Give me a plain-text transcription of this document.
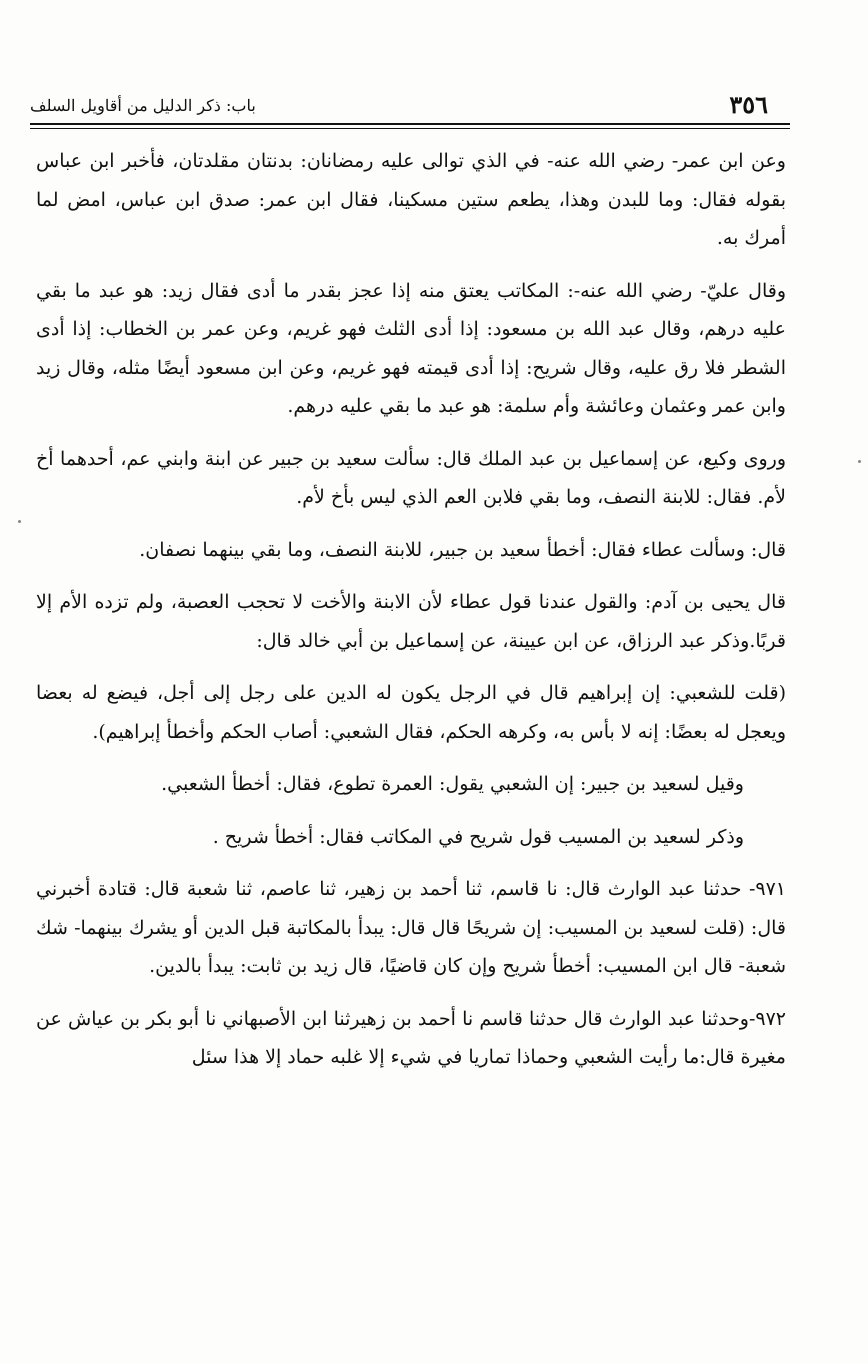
٣٥٦
باب: ذكر الدليل من أقاويل السلف

وعن ابن عمر- رضي الله عنه- في الذي توالى عليه رمضانان: بدنتان مقلدتان، فأخبر ابن عباس بقوله فقال: وما للبدن وهذا، يطعم ستين مسكينا، فقال ابن عمر: صدق ابن عباس، امض لما أمرك به.

وقال عليّ- رضي الله عنه-: المكاتب يعتق منه إذا عجز بقدر ما أدى فقال زيد: هو عبد ما بقي عليه درهم، وقال عبد الله بن مسعود: إذا أدى الثلث فهو غريم، وعن عمر بن الخطاب: إذا أدى الشطر فلا رق عليه، وقال شريح: إذا أدى قيمته فهو غريم، وعن ابن مسعود أيضًا مثله، وقال زيد وابن عمر وعثمان وعائشة وأم سلمة: هو عبد ما بقي عليه درهم.

وروى وكيع، عن إسماعيل بن عبد الملك قال: سألت سعيد بن جبير عن ابنة وابني عم، أحدهما أخ لأم. فقال: للابنة النصف، وما بقي فلابن العم الذي ليس بأخ لأم.

قال: وسألت عطاء فقال: أخطأ سعيد بن جبير، للابنة النصف، وما بقي بينهما نصفان.

قال يحيى بن آدم: والقول عندنا قول عطاء لأن الابنة والأخت لا تحجب العصبة، ولم تزده الأم إلا قربًا.وذكر عبد الرزاق، عن ابن عيينة، عن إسماعيل بن أبي خالد قال:

(قلت للشعبي: إن إبراهيم قال في الرجل يكون له الدين على رجل إلى أجل، فيضع له بعضا ويعجل له بعضًا: إنه لا بأس به، وكرهه الحكم، فقال الشعبي: أصاب الحكم وأخطأ إبراهيم).

وقيل لسعيد بن جبير: إن الشعبي يقول: العمرة تطوع، فقال: أخطأ الشعبي.

وذكر لسعيد بن المسيب قول شريح في المكاتب فقال: أخطأ شريح .

٩٧١- حدثنا عبد الوارث قال: نا قاسم، ثنا أحمد بن زهير، ثنا عاصم، ثنا شعبة قال: قتادة أخبرني قال: (قلت لسعيد بن المسيب: إن شريحًا قال قال: يبدأ بالمكاتبة قبل الدين أو يشرك بينهما- شك شعبة- قال ابن المسيب: أخطأ شريح وإن كان قاضيًا، قال زيد بن ثابت: يبدأ بالدين.

٩٧٢-وحدثنا عبد الوارث قال حدثنا قاسم نا أحمد بن زهيرثنا ابن الأصبهاني نا أبو بكر بن عياش عن مغيرة قال:ما رأيت الشعبي وحماذا تماريا في شيء إلا غلبه حماد إلا هذا سئل
